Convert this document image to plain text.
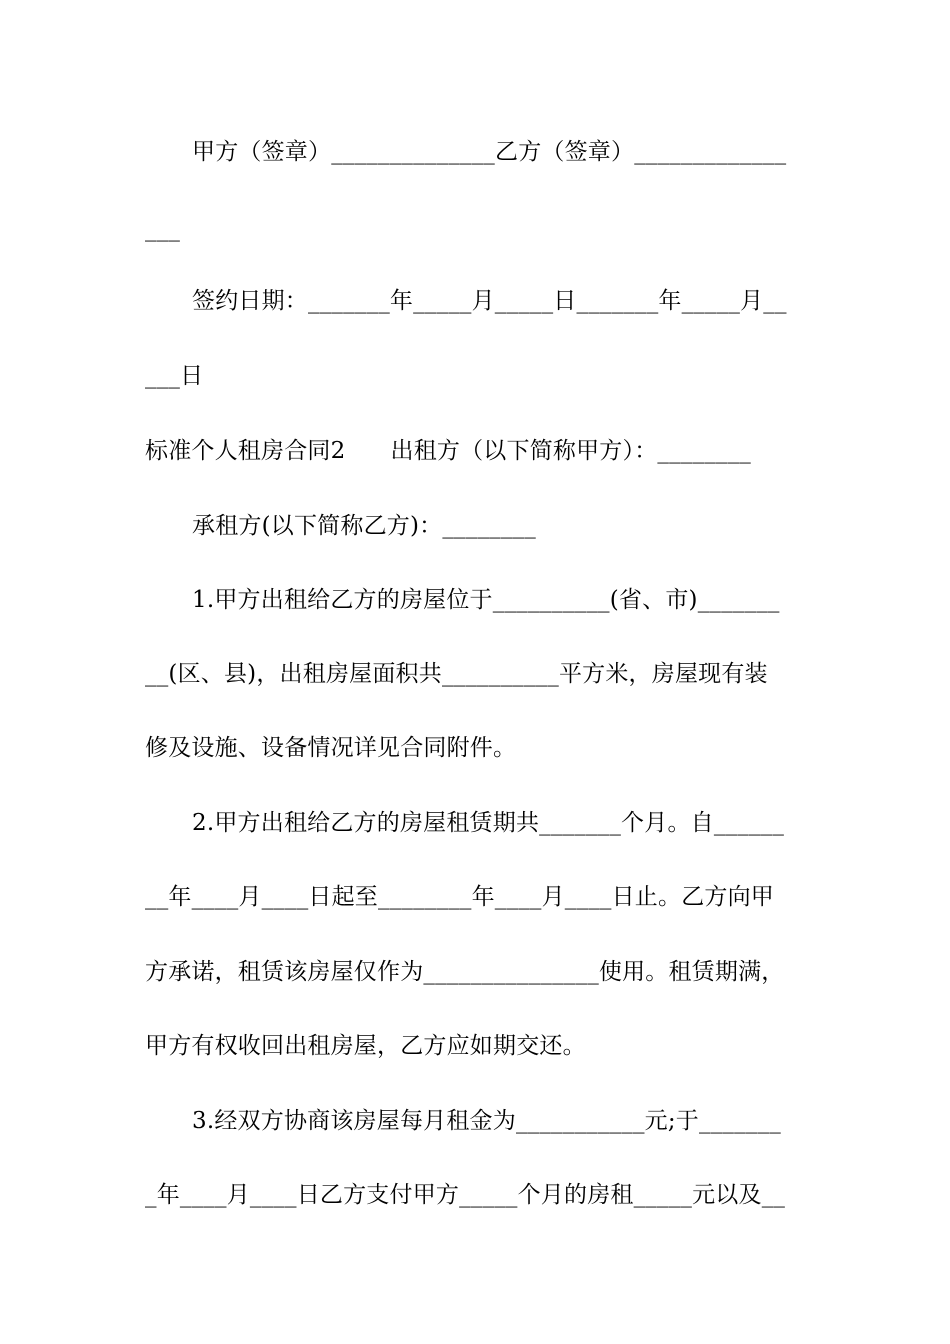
甲方（签章）______________乙方（签章）_____________
___
签约日期：_______年_____月_____日_______年_____月__
___日
标准个人租房合同2      出租方（以下简称甲方）：________
承租方(以下简称乙方)：________
1.甲方出租给乙方的房屋位于__________(省、市)_______
__(区、县)，出租房屋面积共__________平方米，房屋现有装
修及设施、设备情况详见合同附件。
2.甲方出租给乙方的房屋租赁期共_______个月。自______
__年____月____日起至________年____月____日止。乙方向甲
方承诺，租赁该房屋仅作为_______________使用。租赁期满，
甲方有权收回出租房屋，乙方应如期交还。
3.经双方协商该房屋每月租金为___________元;于_______
_年____月____日乙方支付甲方_____个月的房租_____元以及__
